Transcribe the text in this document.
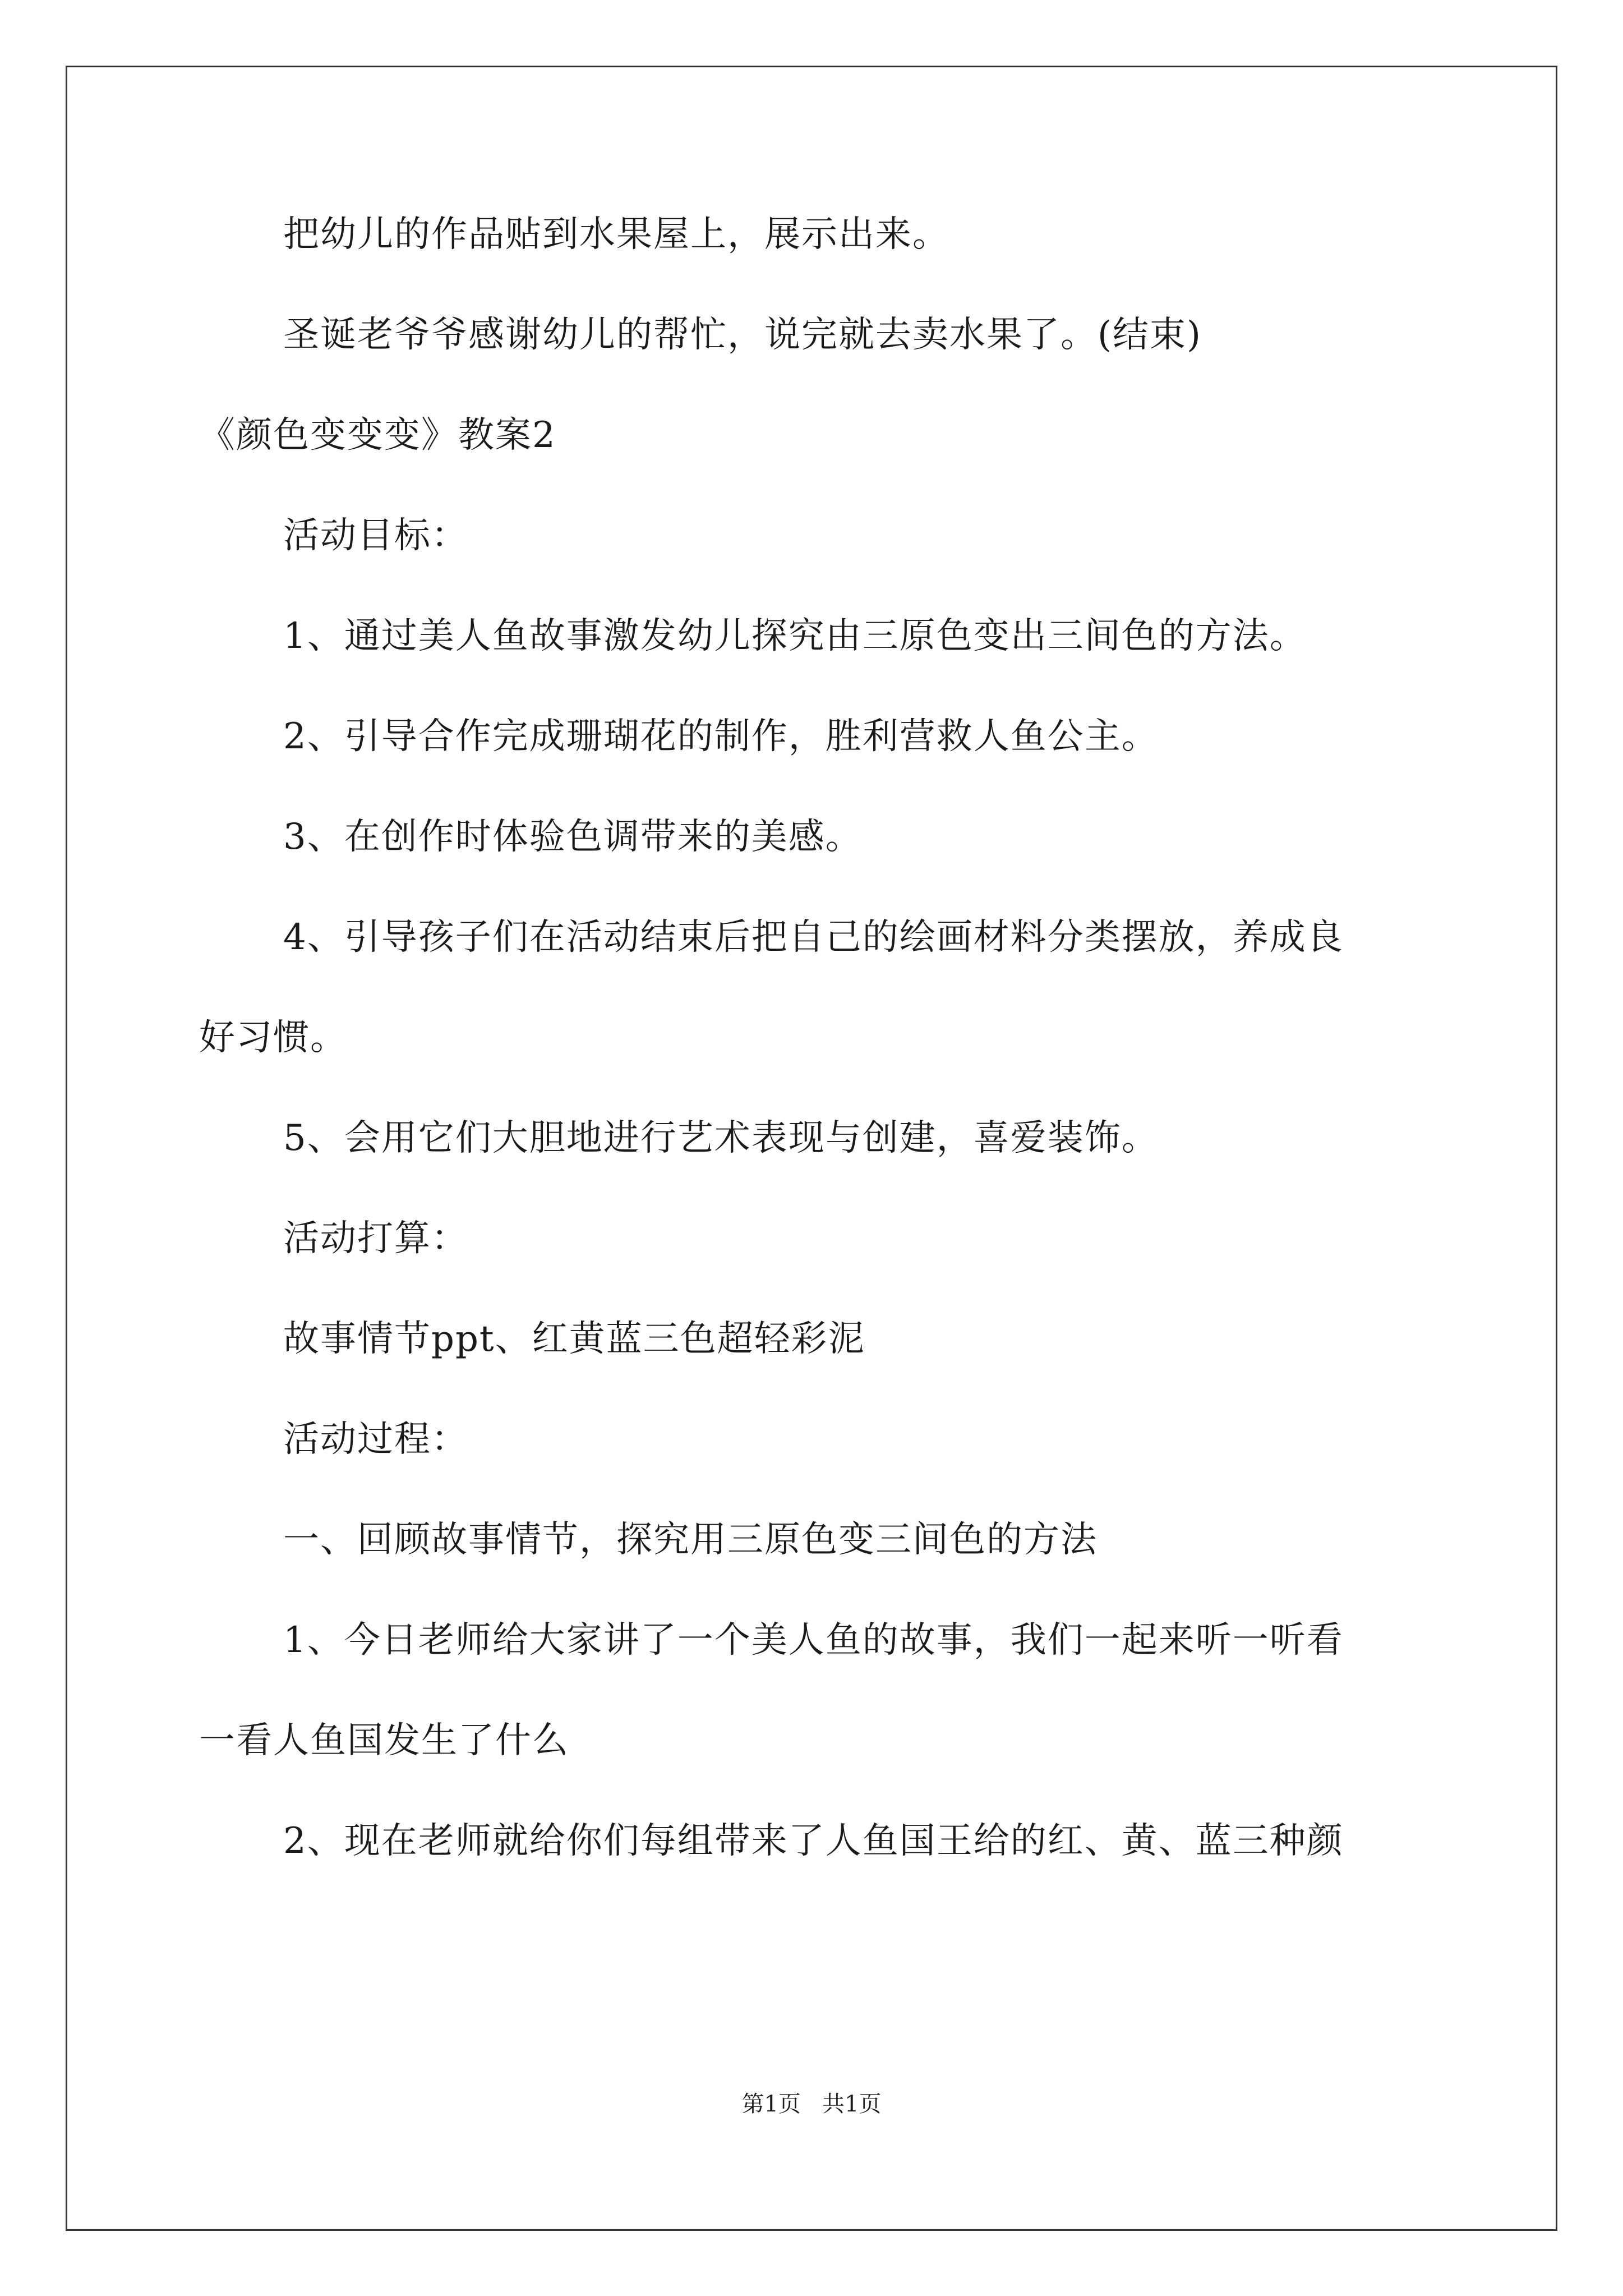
把幼儿的作品贴到水果屋上，展示出来。
圣诞老爷爷感谢幼儿的帮忙，说完就去卖水果了。(结束)
《颜色变变变》教案2
活动目标：
1、通过美人鱼故事激发幼儿探究由三原色变出三间色的方法。
2、引导合作完成珊瑚花的制作，胜利营救人鱼公主。
3、在创作时体验色调带来的美感。
4、引导孩子们在活动结束后把自己的绘画材料分类摆放，养成良
好习惯。
5、会用它们大胆地进行艺术表现与创建，喜爱装饰。
活动打算：
故事情节ppt、红黄蓝三色超轻彩泥
活动过程：
一、回顾故事情节，探究用三原色变三间色的方法
1、今日老师给大家讲了一个美人鱼的故事，我们一起来听一听看
一看人鱼国发生了什么
2、现在老师就给你们每组带来了人鱼国王给的红、黄、蓝三种颜
第1页   共1页
